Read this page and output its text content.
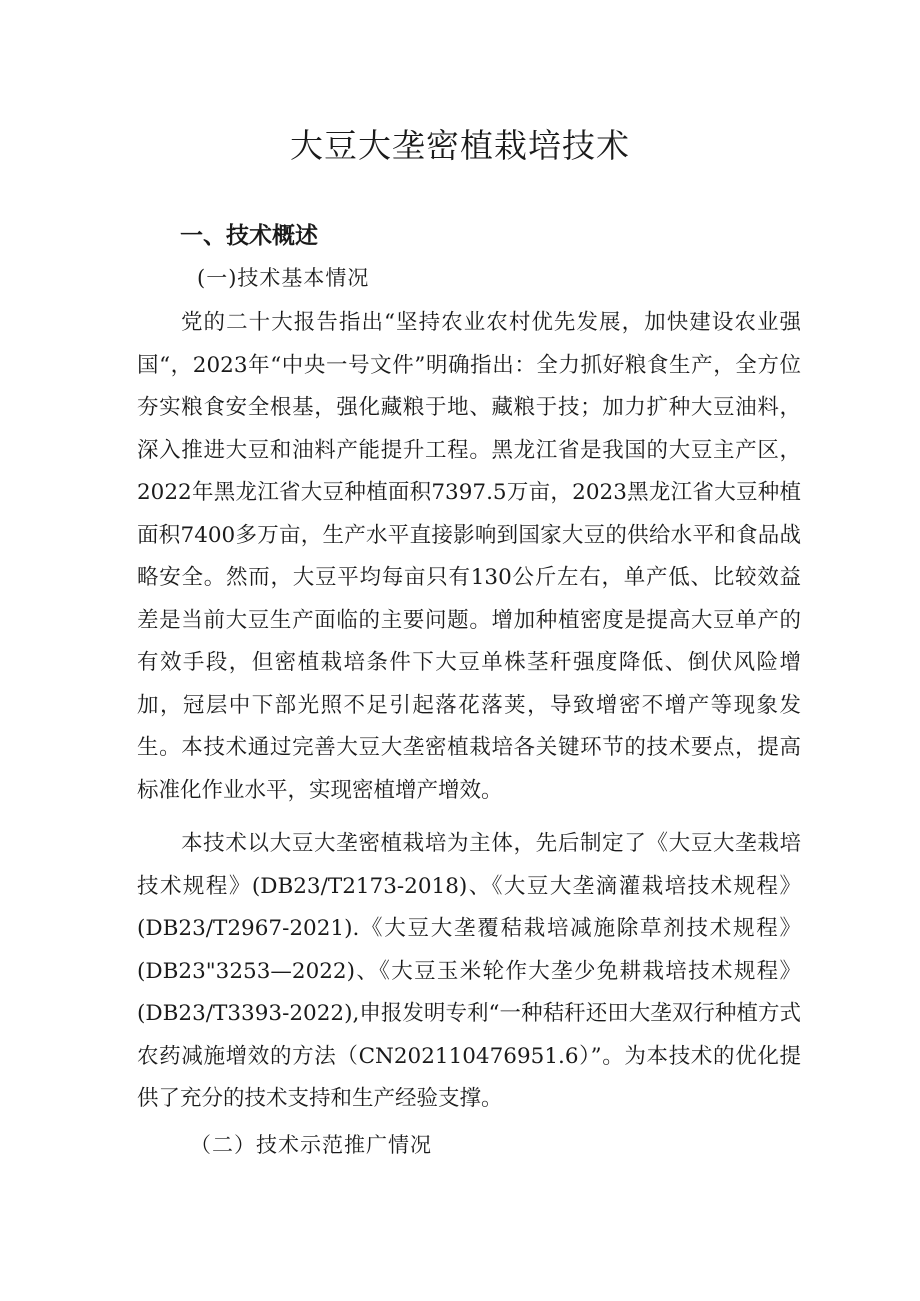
大豆大垄密植栽培技术
一、技术概述
(一)技术基本情况

党的二十大报告指出“坚持农业农村优先发展，加快建设农业强国“，2023年“中央一号文件”明确指出：全力抓好粮食生产，全方位夯实粮食安全根基，强化藏粮于地、藏粮于技；加力扩种大豆油料，深入推进大豆和油料产能提升工程。黑龙江省是我国的大豆主产区，2022年黑龙江省大豆种植面积7397.5万亩，2023黑龙江省大豆种植面积7400多万亩，生产水平直接影响到国家大豆的供给水平和食品战略安全。然而，大豆平均每亩只有130公斤左右，单产低、比较效益差是当前大豆生产面临的主要问题。增加种植密度是提高大豆单产的有效手段，但密植栽培条件下大豆单株茎秆强度降低、倒伏风险增加，冠层中下部光照不足引起落花落荚，导致增密不增产等现象发生。本技术通过完善大豆大垄密植栽培各关键环节的技术要点，提高标准化作业水平，实现密植增产增效。

本技术以大豆大垄密植栽培为主体，先后制定了《大豆大垄栽培技术规程》(DB23/T2173-2018)、《大豆大垄滴灌栽培技术规程》(DB23/T2967-2021).《大豆大垄覆秸栽培减施除草剂技术规程》(DB23"3253—2022)、《大豆玉米轮作大垄少免耕栽培技术规程》(DB23/T3393-2022),申报发明专利“一种秸秆还田大垄双行种植方式农药减施增效的方法（CN202110476951.6）”。为本技术的优化提供了充分的技术支持和生产经验支撑。

（二）技术示范推广情况
